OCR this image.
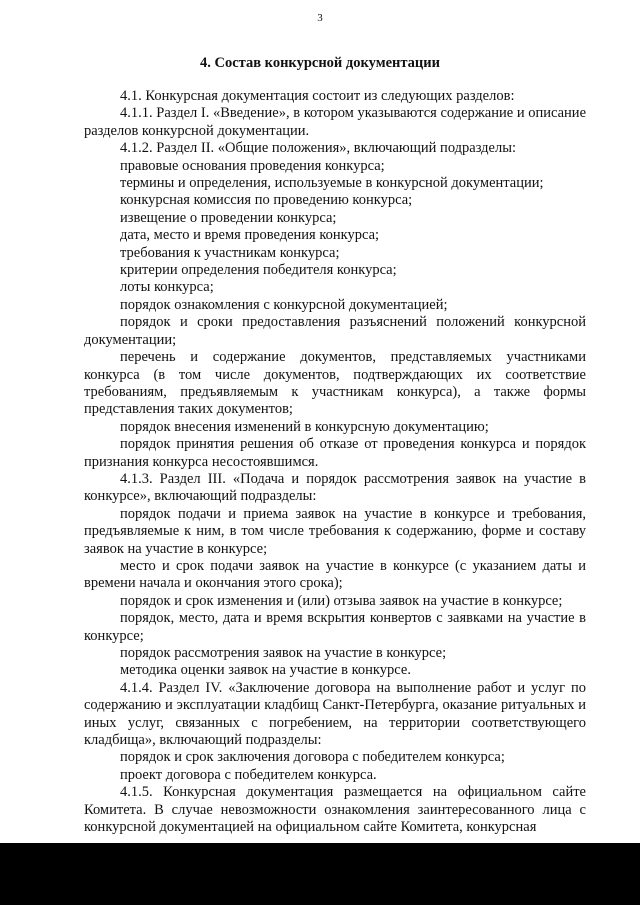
3
4. Состав конкурсной документации

4.1. Конкурсная документация состоит из следующих разделов:

4.1.1. Раздел I. «Введение», в котором указываются содержание и описание разделов конкурсной документации.

4.1.2. Раздел II. «Общие положения», включающий подразделы:

правовые основания проведения конкурса;

термины и определения, используемые в конкурсной документации;

конкурсная комиссия по проведению конкурса;

извещение о проведении конкурса;

дата, место и время проведения конкурса;

требования к участникам конкурса;

критерии определения победителя конкурса;

лоты конкурса;

порядок ознакомления с конкурсной документацией;

порядок и сроки предоставления разъяснений положений конкурсной документации;

перечень и содержание документов, представляемых участниками конкурса (в том числе документов, подтверждающих их соответствие требованиям, предъявляемым к участникам конкурса), а также формы представления таких документов;

порядок внесения изменений в конкурсную документацию;

порядок принятия решения об отказе от проведения конкурса и порядок признания конкурса несостоявшимся.

4.1.3. Раздел III. «Подача и порядок рассмотрения заявок на участие в конкурсе», включающий подразделы:

порядок подачи и приема заявок на участие в конкурсе и требования, предъявляемые к ним, в том числе требования к содержанию, форме и составу заявок на участие в конкурсе;

место и срок подачи заявок на участие в конкурсе (с указанием даты и времени начала и окончания этого срока);

порядок и срок изменения и (или) отзыва заявок на участие в конкурсе;

порядок, место, дата и время вскрытия конвертов с заявками на участие в конкурсе;

порядок рассмотрения заявок на участие в конкурсе;

методика оценки заявок на участие в конкурсе.

4.1.4. Раздел IV. «Заключение договора на выполнение работ и услуг по содержанию и эксплуатации кладбищ Санкт-Петербурга, оказание ритуальных и иных услуг, связанных с погребением, на территории соответствующего кладбища», включающий подразделы:

порядок и срок заключения договора с победителем конкурса;

проект договора с победителем конкурса.

4.1.5. Конкурсная документация размещается на официальном сайте Комитета. В случае невозможности ознакомления заинтересованного лица с конкурсной документацией на официальном сайте Комитета, конкурсная
